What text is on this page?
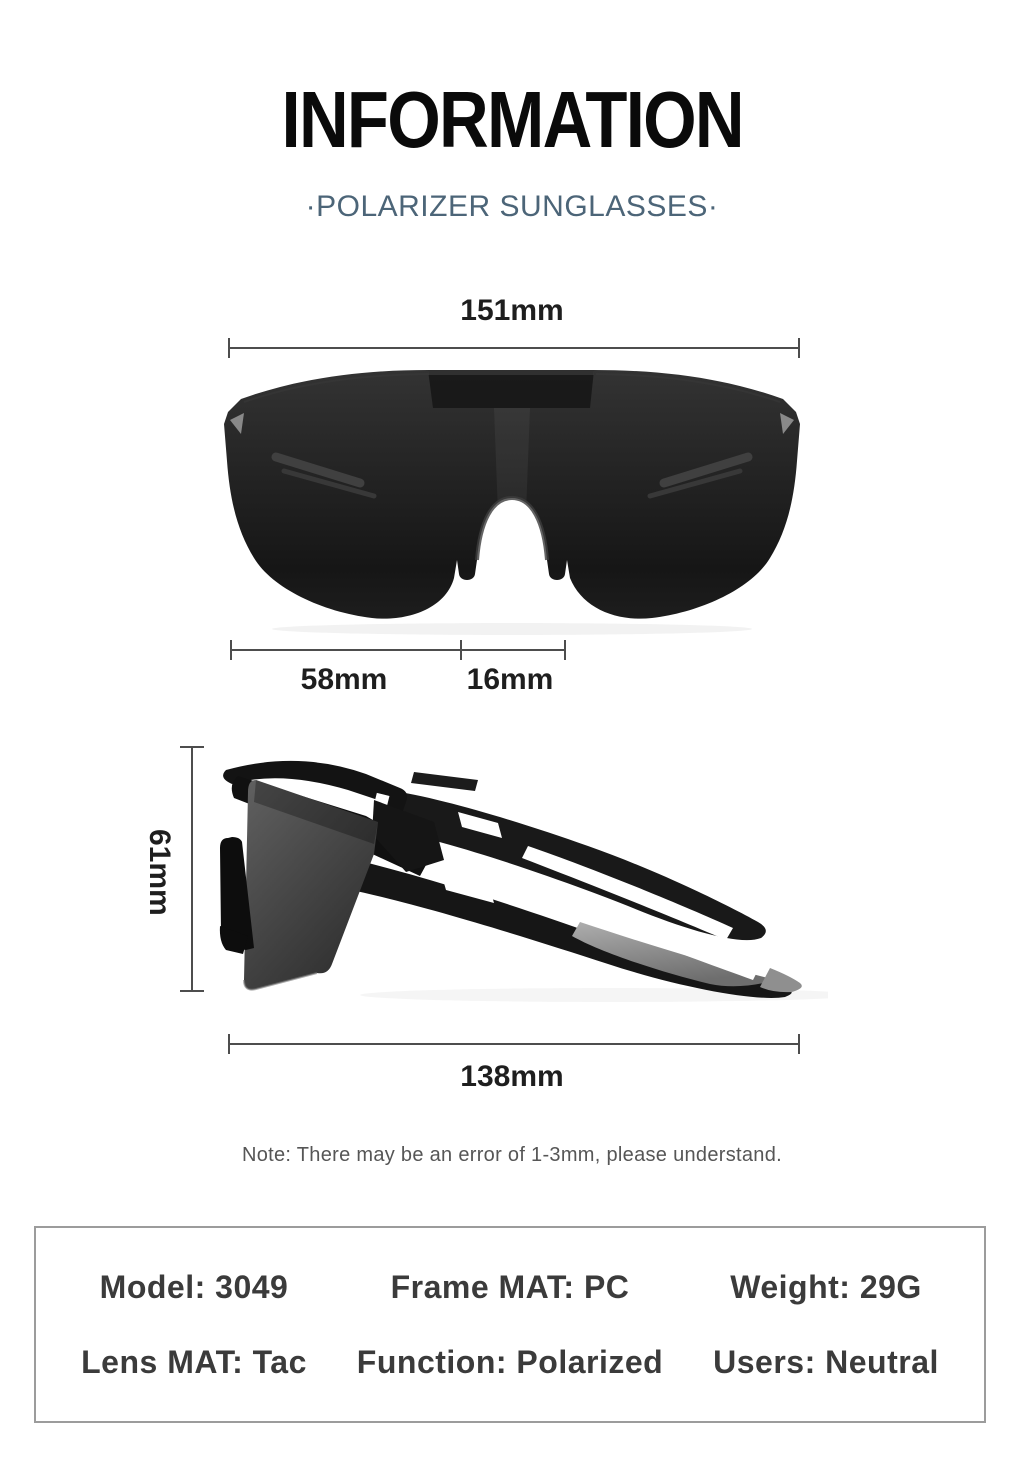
INFORMATION
·POLARIZER SUNGLASSES·
151mm
58mm	16mm
61mm
138mm
Note: There may be an error of 1-3mm, please understand.
Model: 3049	Frame MAT: PC	Weight: 29G
Lens MAT: Tac	Function: Polarized	Users: Neutral
